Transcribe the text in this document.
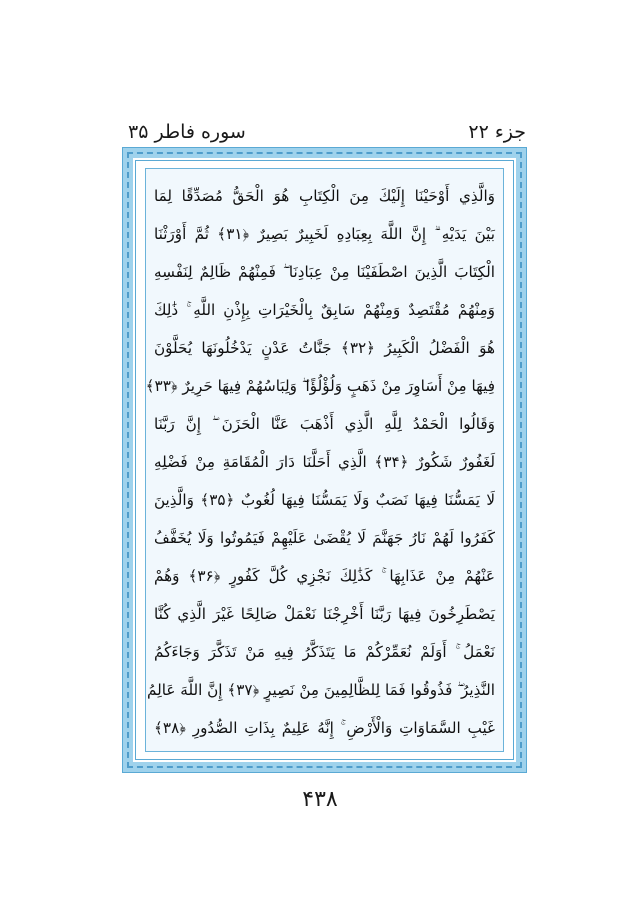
جزء ۲۲
سوره فاطر ۳۵
وَالَّذِي أَوْحَيْنَا إِلَيْكَ مِنَ الْكِتَابِ هُوَ الْحَقُّ مُصَدِّقًا لِمَا
بَيْنَ يَدَيْهِ ۗ إِنَّ اللَّهَ بِعِبَادِهِ لَخَبِيرٌ بَصِيرٌ ﴿۳۱﴾ ثُمَّ أَوْرَثْنَا
الْكِتَابَ الَّذِينَ اصْطَفَيْنَا مِنْ عِبَادِنَا ۖ فَمِنْهُمْ ظَالِمٌ لِنَفْسِهِ
وَمِنْهُمْ مُقْتَصِدٌ وَمِنْهُمْ سَابِقٌ بِالْخَيْرَاتِ بِإِذْنِ اللَّهِ ۚ ذَٰلِكَ
هُوَ الْفَضْلُ الْكَبِيرُ ﴿۳۲﴾ جَنَّاتُ عَدْنٍ يَدْخُلُونَهَا يُحَلَّوْنَ
فِيهَا مِنْ أَسَاوِرَ مِنْ ذَهَبٍ وَلُؤْلُؤًا ۖ وَلِبَاسُهُمْ فِيهَا حَرِيرٌ ﴿۳۳﴾
وَقَالُوا الْحَمْدُ لِلَّهِ الَّذِي أَذْهَبَ عَنَّا الْحَزَنَ ۖ إِنَّ رَبَّنَا
لَغَفُورٌ شَكُورٌ ﴿۳۴﴾ الَّذِي أَحَلَّنَا دَارَ الْمُقَامَةِ مِنْ فَضْلِهِ
لَا يَمَسُّنَا فِيهَا نَصَبٌ وَلَا يَمَسُّنَا فِيهَا لُغُوبٌ ﴿۳۵﴾ وَالَّذِينَ
كَفَرُوا لَهُمْ نَارُ جَهَنَّمَ لَا يُقْضَىٰ عَلَيْهِمْ فَيَمُوتُوا وَلَا يُخَفَّفُ
عَنْهُمْ مِنْ عَذَابِهَا ۚ كَذَٰلِكَ نَجْزِي كُلَّ كَفُورٍ ﴿۳۶﴾ وَهُمْ
يَصْطَرِخُونَ فِيهَا رَبَّنَا أَخْرِجْنَا نَعْمَلْ صَالِحًا غَيْرَ الَّذِي كُنَّا
نَعْمَلُ ۚ أَوَلَمْ نُعَمِّرْكُمْ مَا يَتَذَكَّرُ فِيهِ مَنْ تَذَكَّرَ وَجَاءَكُمُ
النَّذِيرُ ۖ فَذُوقُوا فَمَا لِلظَّالِمِينَ مِنْ نَصِيرٍ ﴿۳۷﴾ إِنَّ اللَّهَ عَالِمُ
غَيْبِ السَّمَاوَاتِ وَالْأَرْضِ ۚ إِنَّهُ عَلِيمٌ بِذَاتِ الصُّدُورِ ﴿۳۸﴾
۴۳۸
